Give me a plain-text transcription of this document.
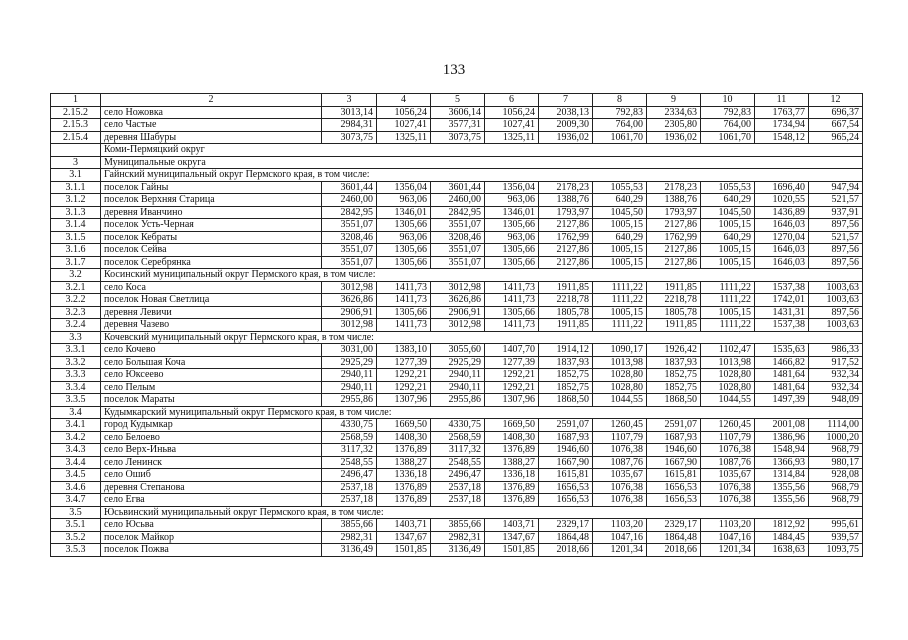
133
1	2	3	4	5	6	7	8	9	10	11	12
2.15.2	село Ножовка	3013,14	1056,24	3606,14	1056,24	2038,13	792,83	2334,63	792,83	1763,77	696,37
2.15.3	село Частые	2984,31	1027,41	3577,31	1027,41	2009,30	764,00	2305,80	764,00	1734,94	667,54
2.15.4	деревня Шабуры	3073,75	1325,11	3073,75	1325,11	1936,02	1061,70	1936,02	1061,70	1548,12	965,24
	Коми-Пермяцкий округ										
3	Муниципальные округа										
3.1	Гайнский муниципальный округ Пермского края, в том числе:										
3.1.1	поселок Гайны	3601,44	1356,04	3601,44	1356,04	2178,23	1055,53	2178,23	1055,53	1696,40	947,94
3.1.2	поселок Верхняя Старица	2460,00	963,06	2460,00	963,06	1388,76	640,29	1388,76	640,29	1020,55	521,57
3.1.3	деревня Иванчино	2842,95	1346,01	2842,95	1346,01	1793,97	1045,50	1793,97	1045,50	1436,89	937,91
3.1.4	поселок Усть-Черная	3551,07	1305,66	3551,07	1305,66	2127,86	1005,15	2127,86	1005,15	1646,03	897,56
3.1.5	поселок Кебраты	3208,46	963,06	3208,46	963,06	1762,99	640,29	1762,99	640,29	1270,04	521,57
3.1.6	поселок Сейва	3551,07	1305,66	3551,07	1305,66	2127,86	1005,15	2127,86	1005,15	1646,03	897,56
3.1.7	поселок Серебрянка	3551,07	1305,66	3551,07	1305,66	2127,86	1005,15	2127,86	1005,15	1646,03	897,56
3.2	Косинский муниципальный округ Пермского края, в том числе:										
3.2.1	село Коса	3012,98	1411,73	3012,98	1411,73	1911,85	1111,22	1911,85	1111,22	1537,38	1003,63
3.2.2	поселок Новая Светлица	3626,86	1411,73	3626,86	1411,73	2218,78	1111,22	2218,78	1111,22	1742,01	1003,63
3.2.3	деревня Левичи	2906,91	1305,66	2906,91	1305,66	1805,78	1005,15	1805,78	1005,15	1431,31	897,56
3.2.4	деревня Чазево	3012,98	1411,73	3012,98	1411,73	1911,85	1111,22	1911,85	1111,22	1537,38	1003,63
3.3	Кочевский муниципальный округ Пермского края, в том числе:										
3.3.1	село Кочево	3031,00	1383,10	3055,60	1407,70	1914,12	1090,17	1926,42	1102,47	1535,63	986,33
3.3.2	село Большая Коча	2925,29	1277,39	2925,29	1277,39	1837,93	1013,98	1837,93	1013,98	1466,82	917,52
3.3.3	село Юксеево	2940,11	1292,21	2940,11	1292,21	1852,75	1028,80	1852,75	1028,80	1481,64	932,34
3.3.4	село Пелым	2940,11	1292,21	2940,11	1292,21	1852,75	1028,80	1852,75	1028,80	1481,64	932,34
3.3.5	поселок Мараты	2955,86	1307,96	2955,86	1307,96	1868,50	1044,55	1868,50	1044,55	1497,39	948,09
3.4	Кудымкарский муниципальный округ Пермского края, в том числе:										
3.4.1	город Кудымкар	4330,75	1669,50	4330,75	1669,50	2591,07	1260,45	2591,07	1260,45	2001,08	1114,00
3.4.2	село Белоево	2568,59	1408,30	2568,59	1408,30	1687,93	1107,79	1687,93	1107,79	1386,96	1000,20
3.4.3	село Верх-Иньва	3117,32	1376,89	3117,32	1376,89	1946,60	1076,38	1946,60	1076,38	1548,94	968,79
3.4.4	село Ленинск	2548,55	1388,27	2548,55	1388,27	1667,90	1087,76	1667,90	1087,76	1366,93	980,17
3.4.5	село Ошиб	2496,47	1336,18	2496,47	1336,18	1615,81	1035,67	1615,81	1035,67	1314,84	928,08
3.4.6	деревня Степанова	2537,18	1376,89	2537,18	1376,89	1656,53	1076,38	1656,53	1076,38	1355,56	968,79
3.4.7	село Егва	2537,18	1376,89	2537,18	1376,89	1656,53	1076,38	1656,53	1076,38	1355,56	968,79
3.5	Юсьвинский муниципальный округ Пермского края, в том числе:										
3.5.1	село Юсьва	3855,66	1403,71	3855,66	1403,71	2329,17	1103,20	2329,17	1103,20	1812,92	995,61
3.5.2	поселок Майкор	2982,31	1347,67	2982,31	1347,67	1864,48	1047,16	1864,48	1047,16	1484,45	939,57
3.5.3	поселок Пожва	3136,49	1501,85	3136,49	1501,85	2018,66	1201,34	2018,66	1201,34	1638,63	1093,75
